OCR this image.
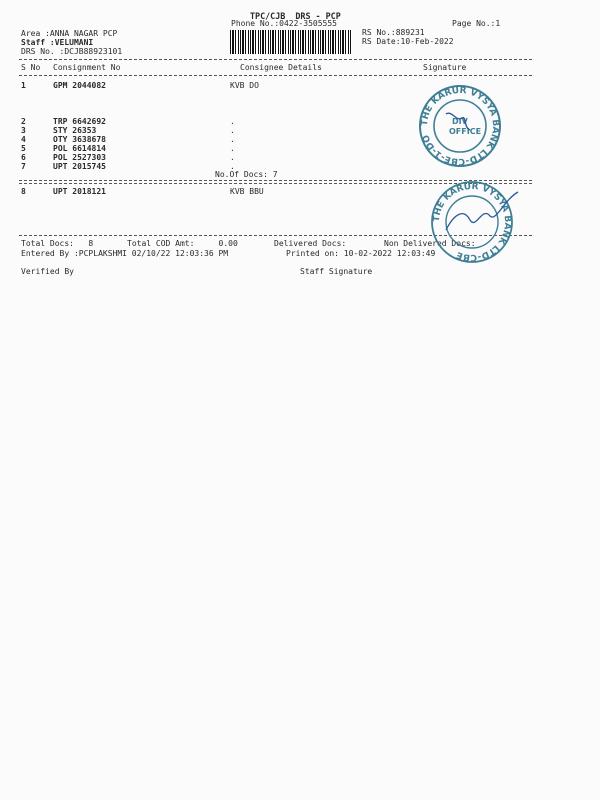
TPC/CJB  DRS - PCP
Phone No.:0422-3505555	Page No.:1
Area :ANNA NAGAR PCP
Staff :VELUMANI
DRS No. :DCJB88923101
RS No.:889231
RS Date:10-Feb-2022
S No Consignment No	Consignee Details	Signature
1	GPM 2044082	KVB DO
2	TRP 6642692	.
3	STY 26353	.
4	OTY 3638678	.
5	POL 6614814	.
6	POL 2527303	.
7	UPT 2015745	.
No.Of Docs: 7
8	UPT 2018121	KVB BBU
Total Docs:   8	Total COD Amt:     0.00	Delivered Docs:	Non Delivered Docs:
Entered By :PCPLAKSHMI 02/10/22 12:03:36 PM	Printed on: 10-02-2022 12:03:49
Verified By	Staff Signature
THE KARUR VYSYA BANK LTD-CBE-1-DO
DIV
OFFICE
THE KARUR VYSYA BANK LTD-CBE
